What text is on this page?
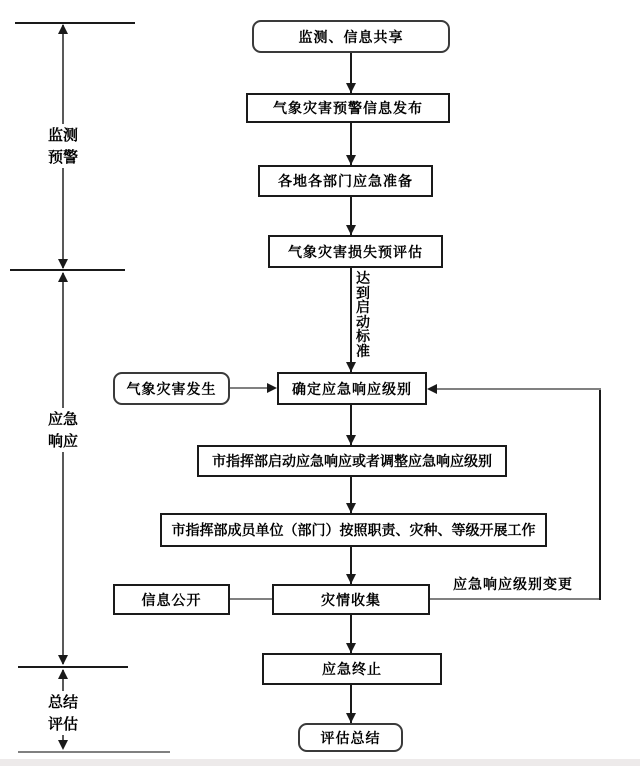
监测
预警
应急
响应
总结
评估
监测、信息共享
气象灾害预警信息发布
各地各部门应急准备
气象灾害损失预评估
气象灾害发生	确定应急响应级别
市指挥部启动应急响应或者调整应急响应级别
市指挥部成员单位（部门）按照职责、灾种、等级开展工作
信息公开	灾情收集
应急终止
评估总结
达到启动标准
应急响应级别变更
